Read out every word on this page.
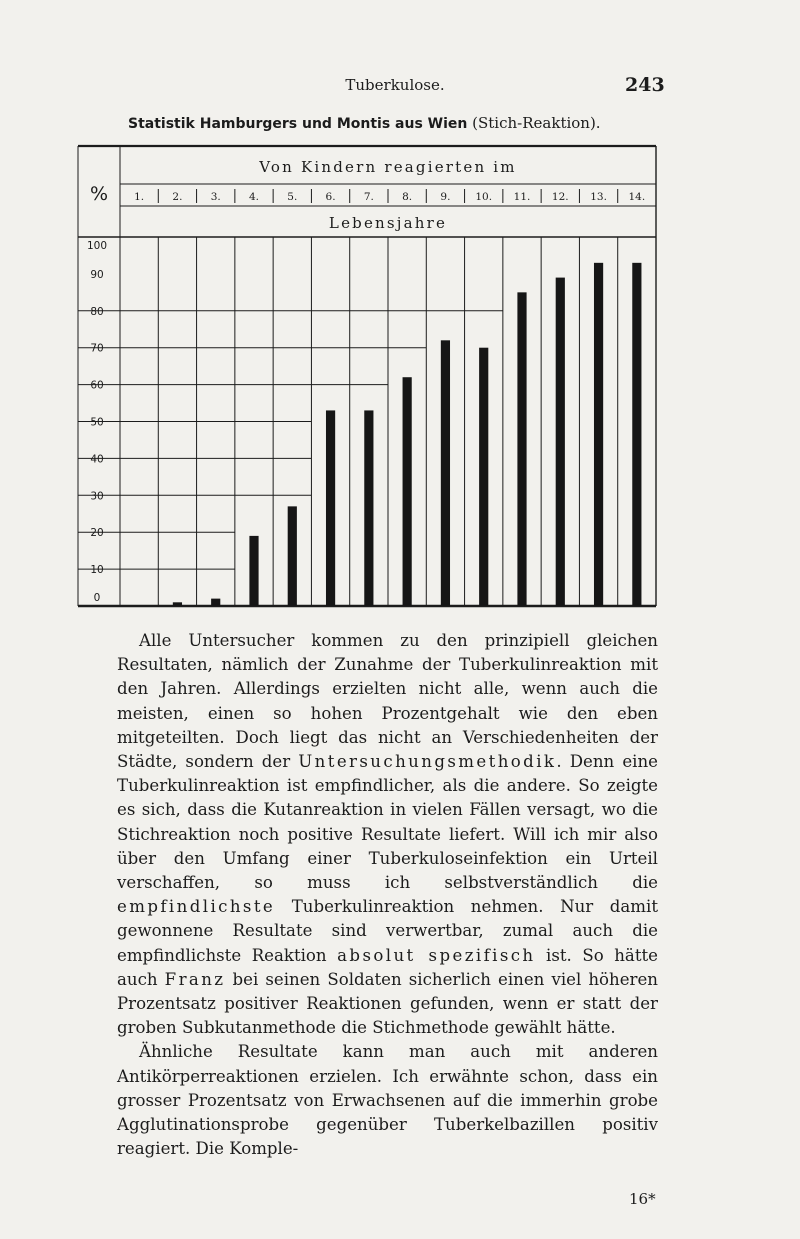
Tuberkulose.	243
Statistik Hamburgers und Montis aus Wien (Stich-Reaktion).
Von Kindern reagierten im
Lebensjahre
% 1.	2.	3.	4.	5.	6.	7.	8.	9. 10. 11. 12. 13. 14.
100
90
80
70
60
50
40
30
20
10
0

Alle Untersucher kommen zu den prinzipiell gleichen Resultaten, nämlich der Zunahme der Tuberkulinreaktion mit den Jahren. Allerdings erzielten nicht alle, wenn auch die meisten, einen so hohen Prozentgehalt wie den eben mitgeteilten. Doch liegt das nicht an Verschiedenheiten der Städte, sondern der Untersuchungsmethodik. Denn eine Tuberkulinreaktion ist empfindlicher, als die andere. So zeigte es sich, dass die Kutanreaktion in vielen Fällen versagt, wo die Stichreaktion noch positive Resultate liefert. Will ich mir also über den Umfang einer Tuberkuloseinfektion ein Urteil verschaffen, so muss ich selbstverständlich die empfindlichste Tuberkulinreaktion nehmen. Nur damit gewonnene Resultate sind verwertbar, zumal auch die empfindlichste Reaktion absolut spezifisch ist. So hätte auch Franz bei seinen Soldaten sicherlich einen viel höheren Prozentsatz positiver Reaktionen gefunden, wenn er statt der groben Subkutanmethode die Stichmethode gewählt hätte.

Ähnliche Resultate kann man auch mit anderen Antikörperreaktionen erzielen. Ich erwähnte schon, dass ein grosser Prozentsatz von Erwachsenen auf die immerhin grobe Agglutinationsprobe gegenüber Tuberkelbazillen positiv reagiert. Die Komple-

16*
